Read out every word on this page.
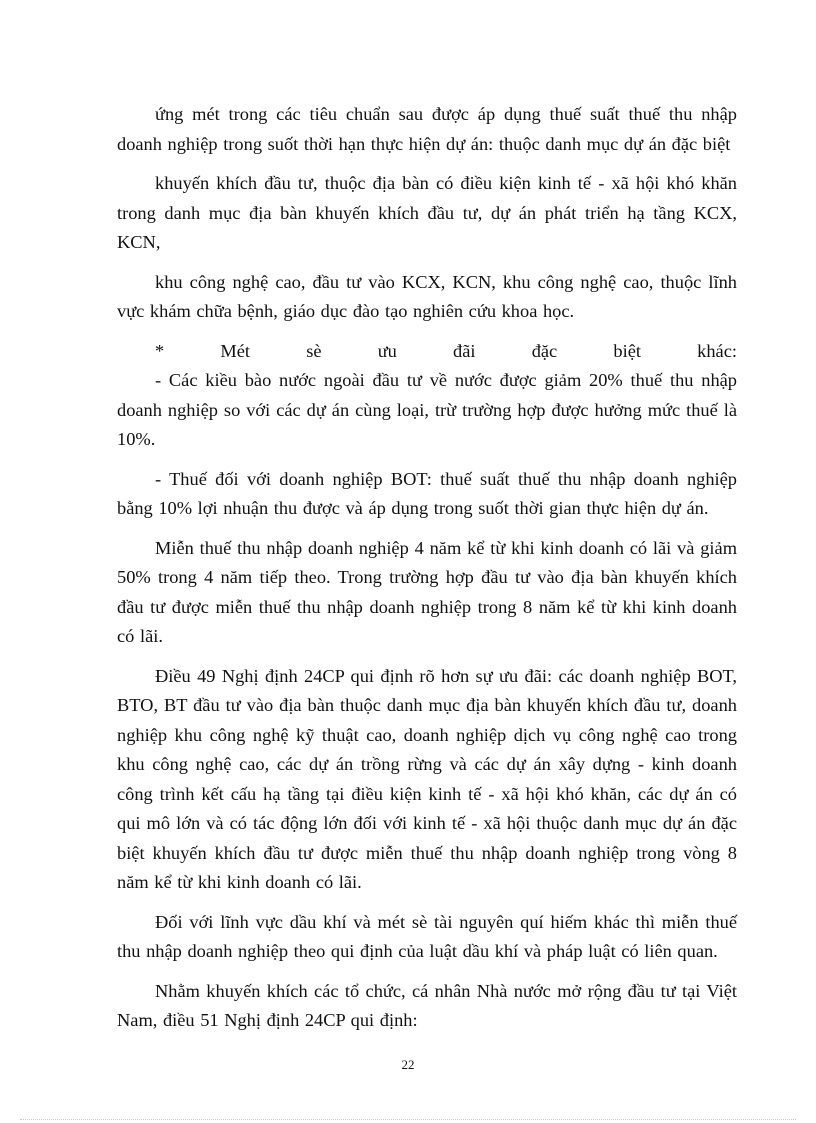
ứng mét trong các tiêu chuẩn sau được áp dụng thuế suất thuế thu nhập doanh nghiệp trong suốt thời hạn thực hiện dự án: thuộc danh mục dự án đặc biệt

khuyến khích đầu tư, thuộc địa bàn có điều kiện kinh tế - xã hội khó khăn trong danh mục địa bàn khuyến khích đầu tư, dự án phát triển hạ tầng KCX, KCN,

khu công nghệ cao, đầu tư vào KCX, KCN, khu công nghệ cao, thuộc lĩnh vực khám chữa bệnh, giáo dục đào tạo nghiên cứu khoa học.

* Mét sè ưu đãi đặc biệt khác:

- Các kiều bào nước ngoài đầu tư về nước được giảm 20% thuế thu nhập doanh nghiệp so với các dự án cùng loại, trừ trường hợp được hưởng mức thuế là 10%.

- Thuế đối với doanh nghiệp BOT: thuế suất thuế thu nhập doanh nghiệp bằng 10% lợi nhuận thu được và áp dụng trong suốt thời gian thực hiện dự án.

Miễn thuế thu nhập doanh nghiệp 4 năm kể từ khi kinh doanh có lãi và giảm 50% trong 4 năm tiếp theo. Trong trường hợp đầu tư vào địa bàn khuyến khích đầu tư được miễn thuế thu nhập doanh nghiệp trong 8 năm kể từ khi kinh doanh có lãi.

Điều 49 Nghị định 24CP qui định rõ hơn sự ưu đãi: các doanh nghiệp BOT, BTO, BT đầu tư vào địa bàn thuộc danh mục địa bàn khuyến khích đầu tư, doanh nghiệp khu công nghệ kỹ thuật cao, doanh nghiệp dịch vụ công nghệ cao trong khu công nghệ cao, các dự án trồng rừng và các dự án xây dựng - kinh doanh công trình kết cấu hạ tầng tại điều kiện kinh tế - xã hội khó khăn, các dự án có qui mô lớn và có tác động lớn đối với kinh tế - xã hội thuộc danh mục dự án đặc biệt khuyến khích đầu tư được miễn thuế thu nhập doanh nghiệp trong vòng 8 năm kể từ khi kinh doanh có lãi.

Đối với lĩnh vực dầu khí và mét sè tài nguyên quí hiếm khác thì miễn thuế thu nhập doanh nghiệp theo qui định của luật dầu khí và pháp luật có liên quan.

Nhằm khuyến khích các tổ chức, cá nhân Nhà nước mở rộng đầu tư tại Việt Nam, điều 51 Nghị định 24CP qui định:

22
